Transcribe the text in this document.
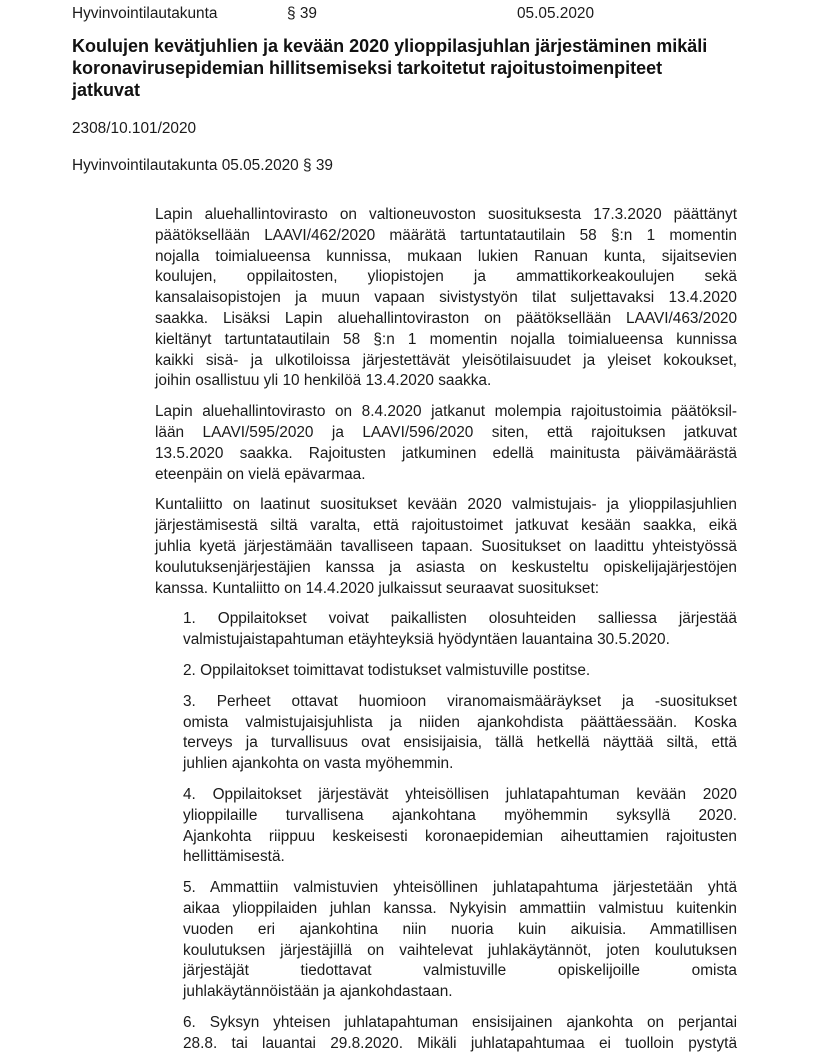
Hyvinvointilautakunta	§ 39	05.05.2020
Koulujen kevätjuhlien ja kevään 2020 ylioppilasjuhlan järjestäminen mikäli
koronavirusepidemian hillitsemiseksi tarkoitetut rajoitustoimenpiteet
jatkuvat
2308/10.101/2020
Hyvinvointilautakunta 05.05.2020 § 39
Lapin aluehallintovirasto on valtioneuvoston suosituksesta 17.3.2020 päättänyt
päätöksellään LAAVI/462/2020 määrätä tartuntatautilain 58 §:n 1 momentin
nojalla toimialueensa kunnissa, mukaan lukien Ranuan kunta, sijaitsevien
koulujen, oppilaitosten, yliopistojen ja ammattikorkeakoulujen sekä
kansalaisopistojen ja muun vapaan sivistystyön tilat suljettavaksi 13.4.2020
saakka. Lisäksi Lapin aluehallintoviraston on päätöksellään LAAVI/463/2020
kieltänyt tartuntatautilain 58 §:n 1 momentin nojalla toimialueensa kunnissa
kaikki sisä- ja ulkotiloissa järjestettävät yleisötilaisuudet ja yleiset kokoukset,
joihin osallistuu yli 10 henkilöä 13.4.2020 saakka.
Lapin aluehallintovirasto on 8.4.2020 jatkanut molempia rajoitustoimia päätöksil-
lään LAAVI/595/2020 ja LAAVI/596/2020 siten, että rajoituksen jatkuvat
13.5.2020 saakka. Rajoitusten jatkuminen edellä mainitusta päivämäärästä
eteenpäin on vielä epävarmaa.
Kuntaliitto on laatinut suositukset kevään 2020 valmistujais- ja ylioppilasjuhlien
järjestämisestä siltä varalta, että rajoitustoimet jatkuvat kesään saakka, eikä
juhlia kyetä järjestämään tavalliseen tapaan. Suositukset on laadittu yhteistyössä
koulutuksenjärjestäjien kanssa ja asiasta on keskusteltu opiskelijajärjestöjen
kanssa. Kuntaliitto on 14.4.2020 julkaissut seuraavat suositukset:
1. Oppilaitokset voivat paikallisten olosuhteiden salliessa järjestää
valmistujaistapahtuman etäyhteyksiä hyödyntäen lauantaina 30.5.2020.
2. Oppilaitokset toimittavat todistukset valmistuville postitse.
3. Perheet ottavat huomioon viranomaismääräykset ja -suositukset
omista valmistujaisjuhlista ja niiden ajankohdista päättäessään. Koska
terveys ja turvallisuus ovat ensisijaisia, tällä hetkellä näyttää siltä, että
juhlien ajankohta on vasta myöhemmin.
4. Oppilaitokset järjestävät yhteisöllisen juhlatapahtuman kevään 2020
ylioppilaille turvallisena ajankohtana myöhemmin syksyllä 2020.
Ajankohta riippuu keskeisesti koronaepidemian aiheuttamien rajoitusten
hellittämisestä.
5. Ammattiin valmistuvien yhteisöllinen juhlatapahtuma järjestetään yhtä
aikaa ylioppilaiden juhlan kanssa. Nykyisin ammattiin valmistuu kuitenkin
vuoden eri ajankohtina niin nuoria kuin aikuisia. Ammatillisen
koulutuksen järjestäjillä on vaihtelevat juhlakäytännöt, joten koulutuksen
järjestäjät tiedottavat valmistuville opiskelijoille omista
juhlakäytännöistään ja ajankohdastaan.
6. Syksyn yhteisen juhlatapahtuman ensisijainen ajankohta on perjantai
28.8. tai lauantai 29.8.2020. Mikäli juhlatapahtumaa ei tuolloin pystytä
